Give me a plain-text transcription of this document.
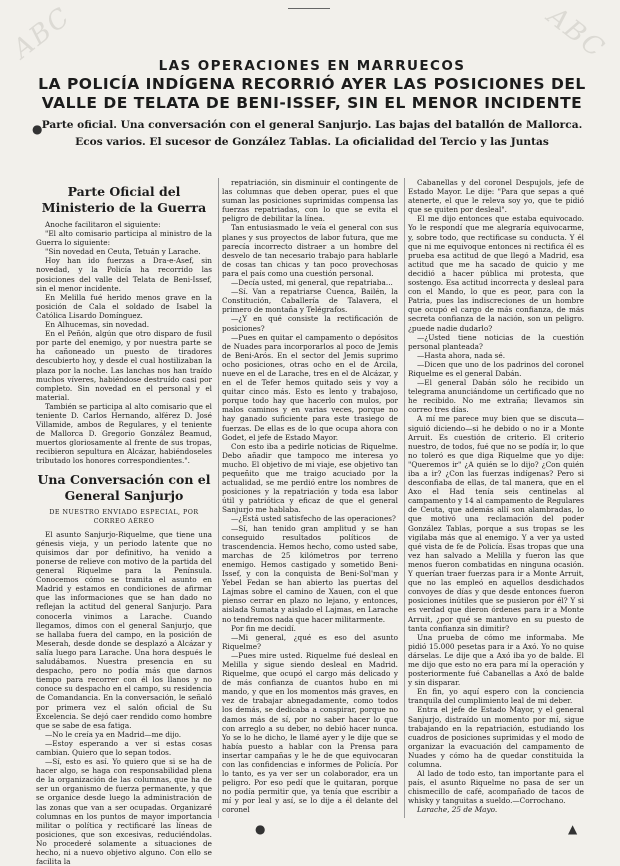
ABC	ABC

LAS OPERACIONES EN MARRUECOS

LA POLICÍA INDÍGENA RECORRIÓ AYER LAS POSICIONES DEL VALLE DE TELATA DE BENI-ISSEF, SIN EL MENOR INCIDENTE

Parte oficial. Una conversación con el general Sanjurjo. Las bajas del batallón de Mallorca. Ecos varios. El sucesor de González Tablas. La oficialidad del Tercio y las Juntas

Parte Oficial del Ministerio de la Guerra

Anoche facilitaron el siguiente:

"El alto comisario participa al ministro de la Guerra lo siguiente:

"Sin novedad en Ceuta, Tetuán y Larache.

Hoy han ido fuerzas a Dra-e-Asef, sin novedad, y la Policía ha recorrido las posiciones del valle del Telata de Beni-Issef, sin el menor incidente.

En Melilla fué herido menos grave en la posición de Cala el soldado de Isabel la Católica Lisardo Domínguez.

En Alhucemas, sin novedad.

En el Peñón, algún que otro disparo de fusil por parte del enemigo, y por nuestra parte se ha cañoneado un puesto de tiradores descubierto hoy, y desde el cual hostilizaban la plaza por la noche. Las lanchas nos han traído muchos víveres, habiéndose destruído casi por completo. Sin novedad en el personal y el material.

También se participa al alto comisario que el teniente D. Carlos Hernando, alférez D. José Villamide, ambos de Regulares, y el teniente de Mallorca D. Gregorio González Beamud, muertos gloriosamente al frente de sus tropas, recibieron sepultura en Alcázar, habiéndoseles tributado los honores correspondientes.".

Una Conversación con el General Sanjurjo
DE NUESTRO ENVIADO ESPECIAL, POR CORREO AÉREO

El asunto Sanjurjo-Riquelme, que tiene una génesis vieja, y un periodo latente que no quisimos dar por definitivo, ha venido a ponerse de relieve con motivo de la partida del general Riquelme para la Península. Conocemos cómo se tramita el asunto en Madrid y estamos en condiciones de afirmar que las informaciones que se han dado no reflejan la actitud del general Sanjurjo. Para conocerla vinimos a Larache. Cuando llegamos, dimos con el general Sanjurjo, que se hallaba fuera del campo, en la posición de Meserah, desde donde se desplazó a Alcázar y salía luego para Larache. Una hora después le saludábamos. Nuestra presencia en su despacho, pero no podía más que darnos tiempo para recorrer con él los llanos y no conoce su despacho en el campo, su residencia de Comandancia. En la conversación, le señaló por primera vez el salón oficial de Su Excelencia. Se dejó caer rendido como hombre que se sabe de esa fatiga.

—No le creía ya en Madrid—me dijo.

—Estoy esperando a ver si estas cosas cambian. Quiero que lo sepan todos.

—Sí, esto es así. Yo quiero que si se ha de hacer algo, se haga con responsabilidad plena de la organización de las columnas, que ha de ser un organismo de fuerza permanente, y que se organice desde luego la administración de las zonas que van a ser ocupadas. Organizaré columnas en los puntos de mayor importancia militar o política y rectificaré las líneas de posiciones, que son excesivas, reduciéndolas. No procederé solamente a situaciones de hecho, ni a nuevo objetivo alguno. Con ello se facilita la

repatriación, sin disminuir el contingente de las columnas que deben operar, pues el que suman las posiciones suprimidas compensa las fuerzas repatriadas, con lo que se evita el peligro de debilitar la línea.

Tan entusiasmado le veía el general con sus planes y sus proyectos de labor futura, que me parecía incorrecto distraer a un hombre del desvelo de tan necesario trabajo para hablarle de cosas tan chicas y tan poco provechosas para el país como una cuestión personal.

—Decía usted, mi general, que repatriaba...

—Sí. Van a repatriarse Cuenca, Bailén, la Constitución, Caballería de Talavera, el primero de montaña y Telégrafos.

—¿Y en qué consiste la rectificación de posiciones?

—Pues en quitar el campamento o depósitos de Nuades para incorporarlos al poco de Jemis de Beni-Arós. En el sector del Jemis suprimo ocho posiciones, otras ocho en el de Arcila, nueve en el de Larache, tres en el de Alcázar, y en el de Tefer hemos quitado seis y voy a quitar cinco más. Esto es lento y trabajoso, porque todo hay que hacerlo con mulos, por malos caminos y en varias veces, porque no hay ganado suficiente para este trasiego de fuerzas. De ellas es de lo que ocupa ahora con Godet, el jefe de Estado Mayor.

Con esto iba a pedirle noticias de Riquelme. Debo añadir que tampoco me interesa yo mucho. El objetivo de mi viaje, ese objetivo tan pequeñito que me traigo acuciado por la actualidad, se me perdió entre los nombres de posiciones y la repatriación y toda esa labor útil y patriótica y eficaz de que el general Sanjurjo me hablaba.

—¿Está usted satisfecho de las operaciones?

—Sí, han tenido gran amplitud y se han conseguido resultados políticos de trascendencia. Hemos hecho, como usted sabe, marchas de 25 kilómetros por terreno enemigo. Hemos castigado y sometido Beni-Issef, y con la conquista de Beni-Sol'man y Yebel Fedan se han abierto las puertas del Lajmas sobre el camino de Xauen, con el que pienso cerrar en plazo no lejano, y entonces, aislada Sumata y aislado el Lajmas, en Larache no tendremos nada que hacer militarmente.

Por fin me decidí.

—Mi general, ¿qué es eso del asunto Riquelme?

—Pues mire usted. Riquelme fué desleal en Melilla y sigue siendo desleal en Madrid. Riquelme, que ocupó el cargo más delicado y de más confianza de cuantos hubo en mi mando, y que en los momentos más graves, en vez de trabajar abnegadamente, como todos los demás, se dedicaba a conspirar, porque no damos más de sí, por no saber hacer lo que con arreglo a su deber, no debió hacer nunca. Yo se lo he dicho, le llamé ayer y le dije que se había puesto a hablar con la Prensa para insertar campañas y le he de que equivocaran con las confidencias e informes de Policía. Por lo tanto, es ya ver ser un colaborador, era un peligro. Por eso pedí que le quitaran, porque no podía permitir que, ya tenía que escribir a mí y por leal y así, se lo dije a él delante del coronel

Cabanellas y del coronel Despujols, jefe de Estado Mayor. Le dije: "Para que sepas a qué atenerte, el que le releva soy yo, que te pidió que se quiten por desleal".

El me dijo entonces que estaba equivocado. Yo le respondí que me alegraría equivocarme, y, sobre todo, que rectificase su conducta. Y él que ni me equivoque entonces ni rectifica él es prueba esa actitud de que llegó a Madrid, esa actitud que me ha sacado de quicio y me decidió a hacer pública mi protesta, que sostengo. Esa actitud incorrecta y desleal para con el Mando, lo que es peor, para con la Patria, pues las indiscreciones de un hombre que ocupó el cargo de más confianza, de más secreta confianza de la nación, son un peligro. ¿puede nadie dudarlo?

—¿Usted tiene noticias de la cuestión personal planteada?

—Hasta ahora, nada sé.

—Dicen que uno de los padrinos del coronel Riquelme es el general Dabán.

—El general Dabán sólo he recibido un telegrama anunciándome un certificado que no he recibido. No me extraña; llevamos sin correo tres días.

A mí me parece muy bien que se discuta—siguió diciendo—si he debido o no ir a Monte Arruit. Es cuestión de criterio. El criterio nuestro, de todos, fué que no se podía ir, lo que no toleró es que diga Riquelme que yo dije: "Queremos ir" ¿A quién se lo dijo? ¿Con quién iba a ir? ¿Con las fuerzas indígenas? Pero si desconfiaba de ellas, de tal manera, que en el Axo el Had tenía seis centinelas al campamento y 14 al campamento de Regulares de Ceuta, que además allí son alambradas, lo que motivó una reclamación del poder González Tablas, porque a sus tropas se les vigilaba más que al enemigo. Y a ver ya usted qué vista de fe de Policía. Esas tropas que una vez han salvado a Melilla y fueron las que menos fueron combatidas en ninguna ocasión. Y querían traer fuerzas para ir a Monte Arruit, que no las empleó en aquellos desdichados convoyes de días y que desde entonces fueron posiciones inútiles que se pusieron por él? Y si es verdad que dieron órdenes para ir a Monte Arruit, ¿por qué se mantuvo en su puesto de tanta confianza sin dimitir?

Una prueba de cómo me informaba. Me pidió 15.000 pesetas para ir a Axó. Yo no quise dárselas. Le dije que a Axó iba yo de balde. El me dijo que esto no era para mí la operación y posteriormente fué Cabanellas a Axó de balde y sin disparar.

En fin, yo aquí espero con la conciencia tranquila del cumplimiento leal de mi deber.

Entra el jefe de Estado Mayor, y el general Sanjurjo, distraído un momento por mí, sigue trabajando en la repatriación, estudiando los cuadros de posiciones suprimidas y el modo de organizar la evacuación del campamento de Nuades y cómo ha de quedar constituida la columna.

Al lado de todo esto, tan importante para el país, el asunto Riquelme no pasa de ser un chismecillo de café, acompañado de tacos de whisky y tanguitas a sueldo.—Corrochano.

Larache, 25 de Mayo.

●
●	▲
